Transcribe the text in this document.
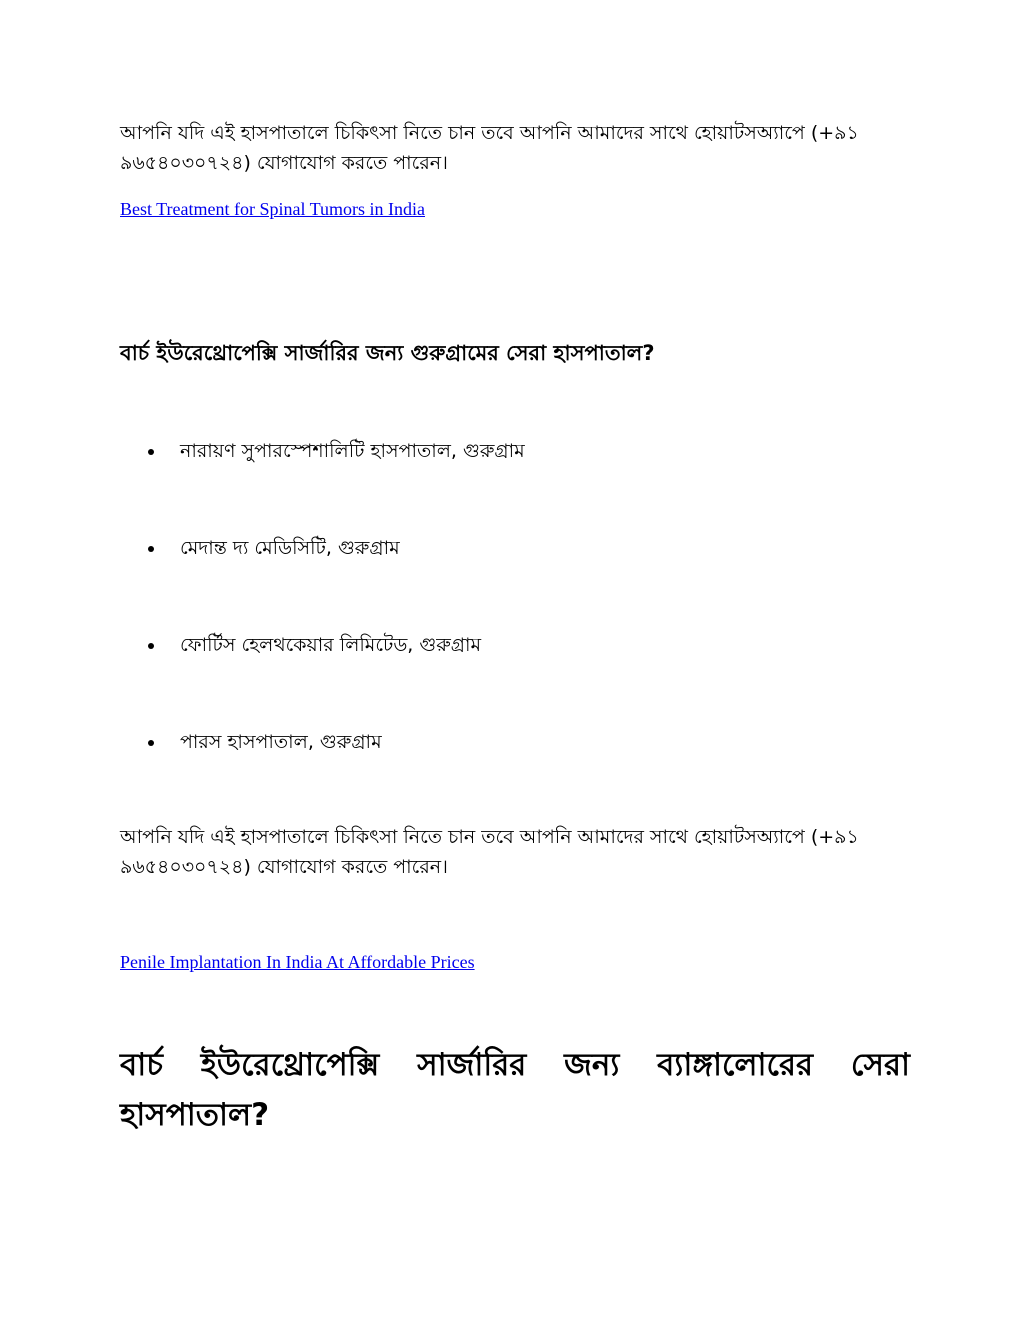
আপনি যদি এই হাসপাতালে চিকিৎসা নিতে চান তবে আপনি আমাদের সাথে হোয়াটসঅ্যাপে (+৯১ ৯৬৫৪০৩০৭২৪) যোগাযোগ করতে পারেন।

Best Treatment for Spinal Tumors in India
বার্চ ইউরেথ্রোপেক্সি সার্জারির জন্য গুরুগ্রামের সেরা হাসপাতাল?
নারায়ণ সুপারস্পেশালিটি হাসপাতাল, গুরুগ্রাম
মেদান্ত দ্য মেডিসিটি, গুরুগ্রাম
ফোর্টিস হেলথকেয়ার লিমিটেড, গুরুগ্রাম
পারস হাসপাতাল, গুরুগ্রাম

আপনি যদি এই হাসপাতালে চিকিৎসা নিতে চান তবে আপনি আমাদের সাথে হোয়াটসঅ্যাপে (+৯১ ৯৬৫৪০৩০৭২৪) যোগাযোগ করতে পারেন।

Penile Implantation In India At Affordable Prices
বার্চ ইউরেথ্রোপেক্সি সার্জারির জন্য ব্যাঙ্গালোরের সেরা হাসপাতাল?
